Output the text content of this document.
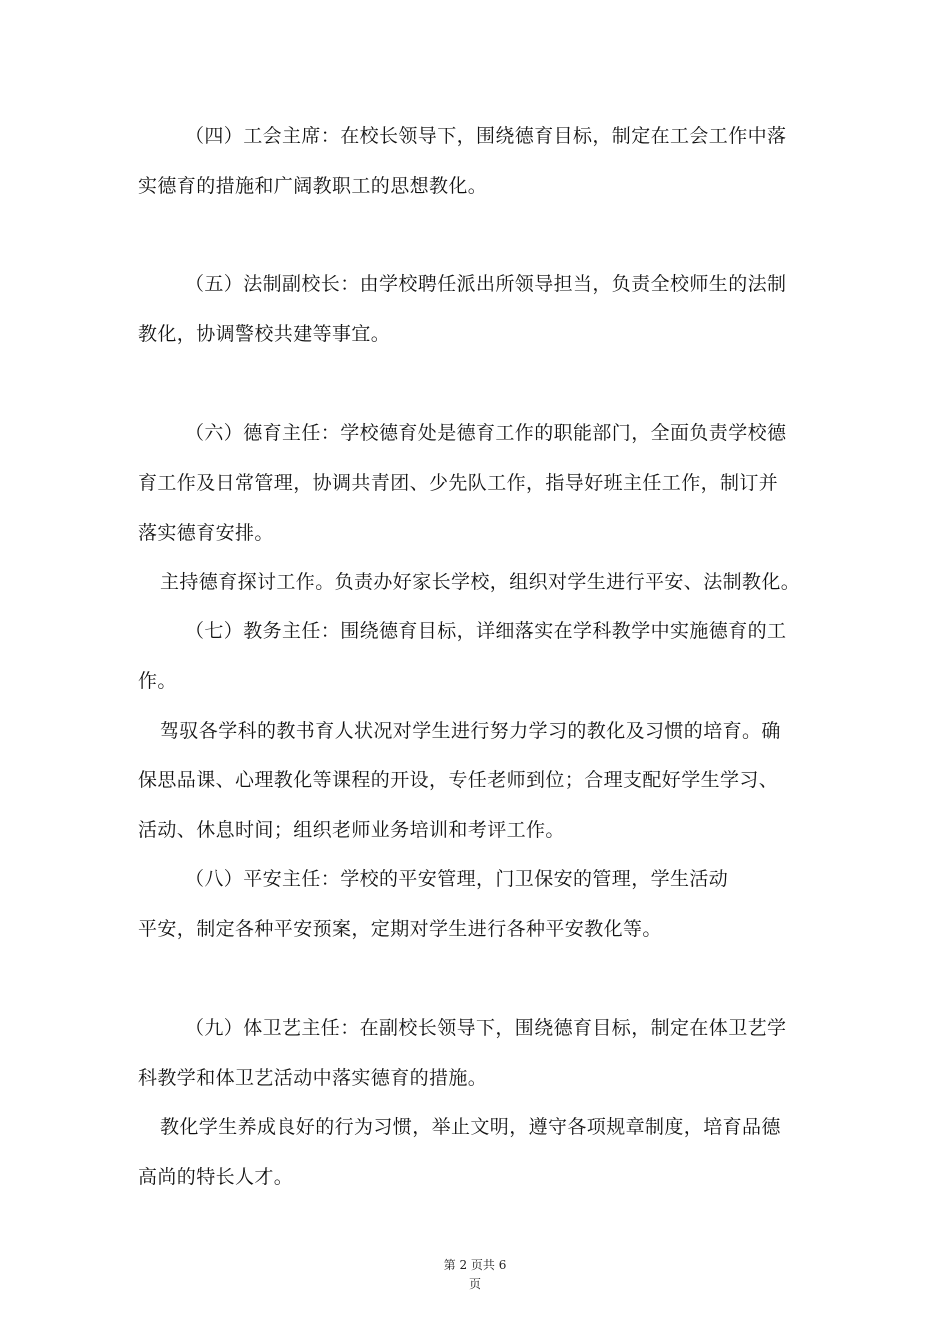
（四）工会主席：在校长领导下，围绕德育目标，制定在工会工作中落
实德育的措施和广阔教职工的思想教化。
（五）法制副校长：由学校聘任派出所领导担当，负责全校师生的法制
教化，协调警校共建等事宜。
（六）德育主任：学校德育处是德育工作的职能部门，全面负责学校德
育工作及日常管理，协调共青团、少先队工作，指导好班主任工作，制订并
落实德育安排。
主持德育探讨工作。负责办好家长学校，组织对学生进行平安、法制教化。
（七）教务主任：围绕德育目标，详细落实在学科教学中实施德育的工
作。
驾驭各学科的教书育人状况对学生进行努力学习的教化及习惯的培育。确
保思品课、心理教化等课程的开设，专任老师到位；合理支配好学生学习、
活动、休息时间；组织老师业务培训和考评工作。
（八）平安主任：学校的平安管理，门卫保安的管理，学生活动
平安，制定各种平安预案，定期对学生进行各种平安教化等。
（九）体卫艺主任：在副校长领导下，围绕德育目标，制定在体卫艺学
科教学和体卫艺活动中落实德育的措施。
教化学生养成良好的行为习惯，举止文明，遵守各项规章制度，培育品德
高尚的特长人才。
第 2 页共 6
页
